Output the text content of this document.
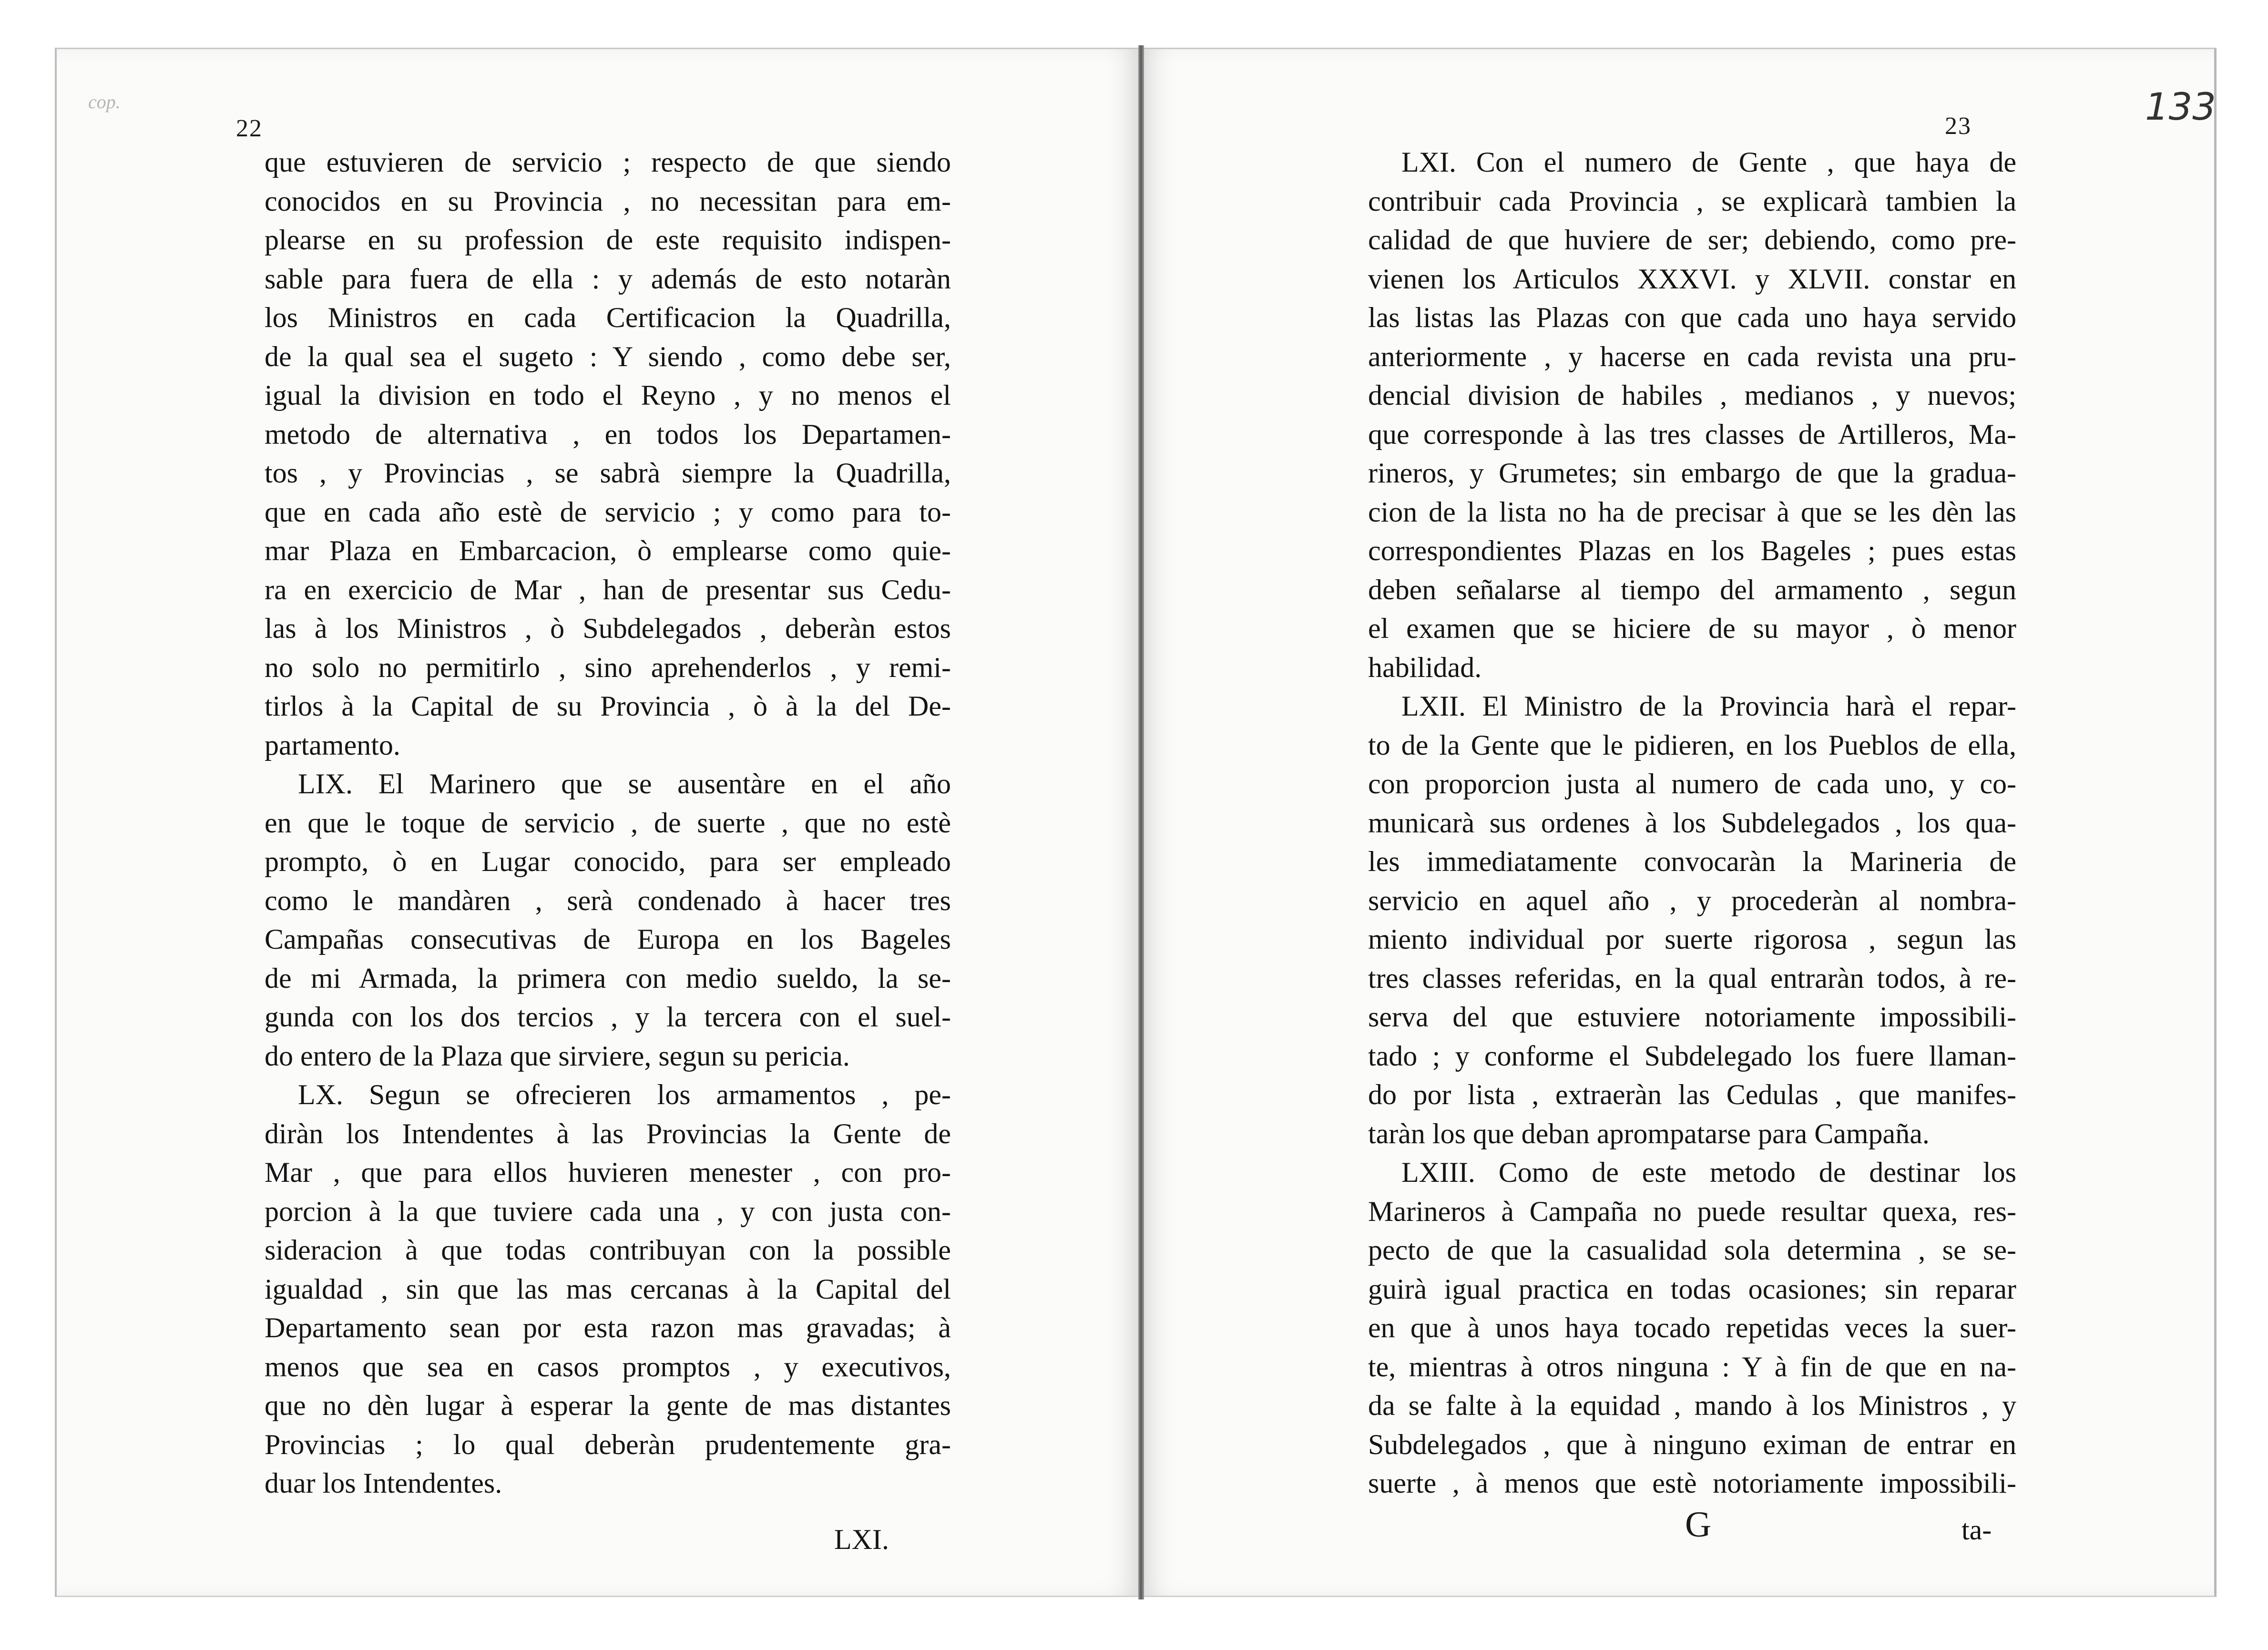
cop.
22	23	133
que estuvieren de servicio ; respecto de que siendo
conocidos en su Provincia , no necessitan para em-
plearse en su profession de este requisito indispen-
sable para fuera de ella : y además de esto notaràn
los Ministros en cada Certificacion la Quadrilla,
de la qual sea el sugeto : Y siendo , como debe ser,
igual la division en todo el Reyno , y no menos el
metodo de alternativa , en todos los Departamen-
tos , y Provincias , se sabrà siempre la Quadrilla,
que en cada año estè de servicio ; y como para to-
mar Plaza en Embarcacion, ò emplearse como quie-
ra en exercicio de Mar , han de presentar sus Cedu-
las à los Ministros , ò Subdelegados , deberàn estos
no solo no permitirlo , sino aprehenderlos , y remi-
tirlos à la Capital de su Provincia , ò à la del De-
partamento.
LIX. El Marinero que se ausentàre en el año
en que le toque de servicio , de suerte , que no estè
prompto, ò en Lugar conocido, para ser empleado
como le mandàren , serà condenado à hacer tres
Campañas consecutivas de Europa en los Bageles
de mi Armada, la primera con medio sueldo, la se-
gunda con los dos tercios , y la tercera con el suel-
do entero de la Plaza que sirviere, segun su pericia.
LX. Segun se ofrecieren los armamentos , pe-
diràn los Intendentes à las Provincias la Gente de
Mar , que para ellos huvieren menester , con pro-
porcion à la que tuviere cada una , y con justa con-
sideracion à que todas contribuyan con la possible
igualdad , sin que las mas cercanas à la Capital del
Departamento sean por esta razon mas gravadas; à
menos que sea en casos promptos , y executivos,
que no dèn lugar à esperar la gente de mas distantes
Provincias ; lo qual deberàn prudentemente gra-
duar los Intendentes.
LXI. Con el numero de Gente , que haya de
contribuir cada Provincia , se explicarà tambien la
calidad de que huviere de ser; debiendo, como pre-
vienen los Articulos XXXVI. y XLVII. constar en
las listas las Plazas con que cada uno haya servido
anteriormente , y hacerse en cada revista una pru-
dencial division de habiles , medianos , y nuevos;
que corresponde à las tres classes de Artilleros, Ma-
rineros, y Grumetes; sin embargo de que la gradua-
cion de la lista no ha de precisar à que se les dèn las
correspondientes Plazas en los Bageles ; pues estas
deben señalarse al tiempo del armamento , segun
el examen que se hiciere de su mayor , ò menor
habilidad.
LXII. El Ministro de la Provincia harà el repar-
to de la Gente que le pidieren, en los Pueblos de ella,
con proporcion justa al numero de cada uno, y co-
municarà sus ordenes à los Subdelegados , los qua-
les immediatamente convocaràn la Marineria de
servicio en aquel año , y procederàn al nombra-
miento individual por suerte rigorosa , segun las
tres classes referidas, en la qual entraràn todos, à re-
serva del que estuviere notoriamente impossibili-
tado ; y conforme el Subdelegado los fuere llaman-
do por lista , extraeràn las Cedulas , que manifes-
taràn los que deban aprompatarse para Campaña.
LXIII. Como de este metodo de destinar los
Marineros à Campaña no puede resultar quexa, res-
pecto de que la casualidad sola determina , se se-
guirà igual practica en todas ocasiones; sin reparar
en que à unos haya tocado repetidas veces la suer-
te, mientras à otros ninguna : Y à fin de que en na-
da se falte à la equidad , mando à los Ministros , y
Subdelegados , que à ninguno eximan de entrar en
suerte , à menos que estè notoriamente impossibili-
LXI.	G	ta-
